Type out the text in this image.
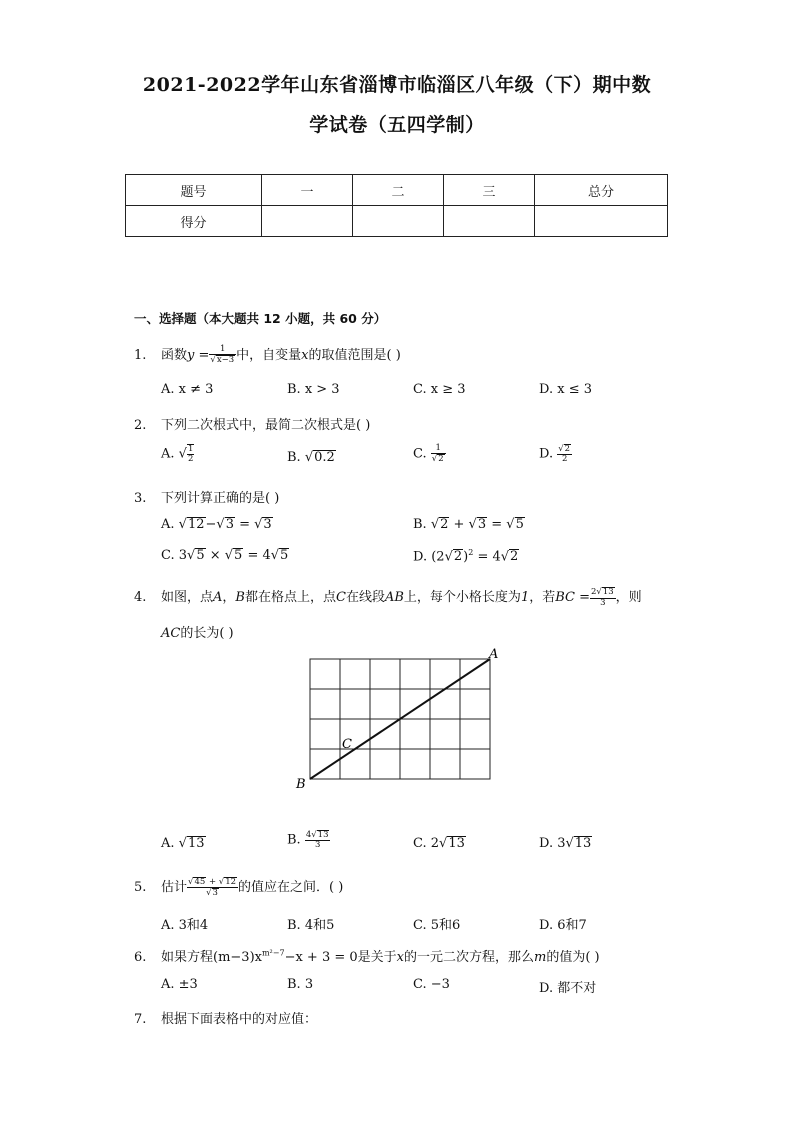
2021-2022学年山东省淄博市临淄区八年级（下）期中数
学试卷（五四学制）
题号	一	二	三	总分
得分				
一、选择题（本大题共 12 小题，共 60 分）
1. 函数$y = \frac{1}{√x-3}$ 中，自变量x的取值范围是( )
A. x ≠ 3	B. x > 3	C. x ≥ 3	D. x ≤ 3
2. 下列二次根式中，最简二次根式是( )
A. √ $\frac{1}{2}$	B. √0.2	C. $\frac{1}{√2}$	D. $\frac{√2}{2}$
3. 下列计算正确的是( )
A. √12−√3 = √3	B. √2 + √3 = √5
C. 3√5 × √5 = 4√5	D. $(2√2)^2 = 4√2$
4. 如图，点A，B都在格点上，点C在线段AB上，每个小格长度为1，若BC = $\frac{2√13}{3}$ ，则
AC的长为( )
A
B
C
A. √13	B. $\frac{4√13}{3}$	C. 2√13	D. 3√13
5. 估计 $\frac{√45 + √12}{√3}$ 的值应在之间．( )
A. 3和4	B. 4和5	C. 5和6	D. 6和7
6. 如果方程$(m-3)x^{m^2-7}-x + 3 = 0$是关于x的一元二次方程，那么m的值为( )
A. ±3	B. 3	C. −3	D. 都不对
7. 根据下面表格中的对应值：
